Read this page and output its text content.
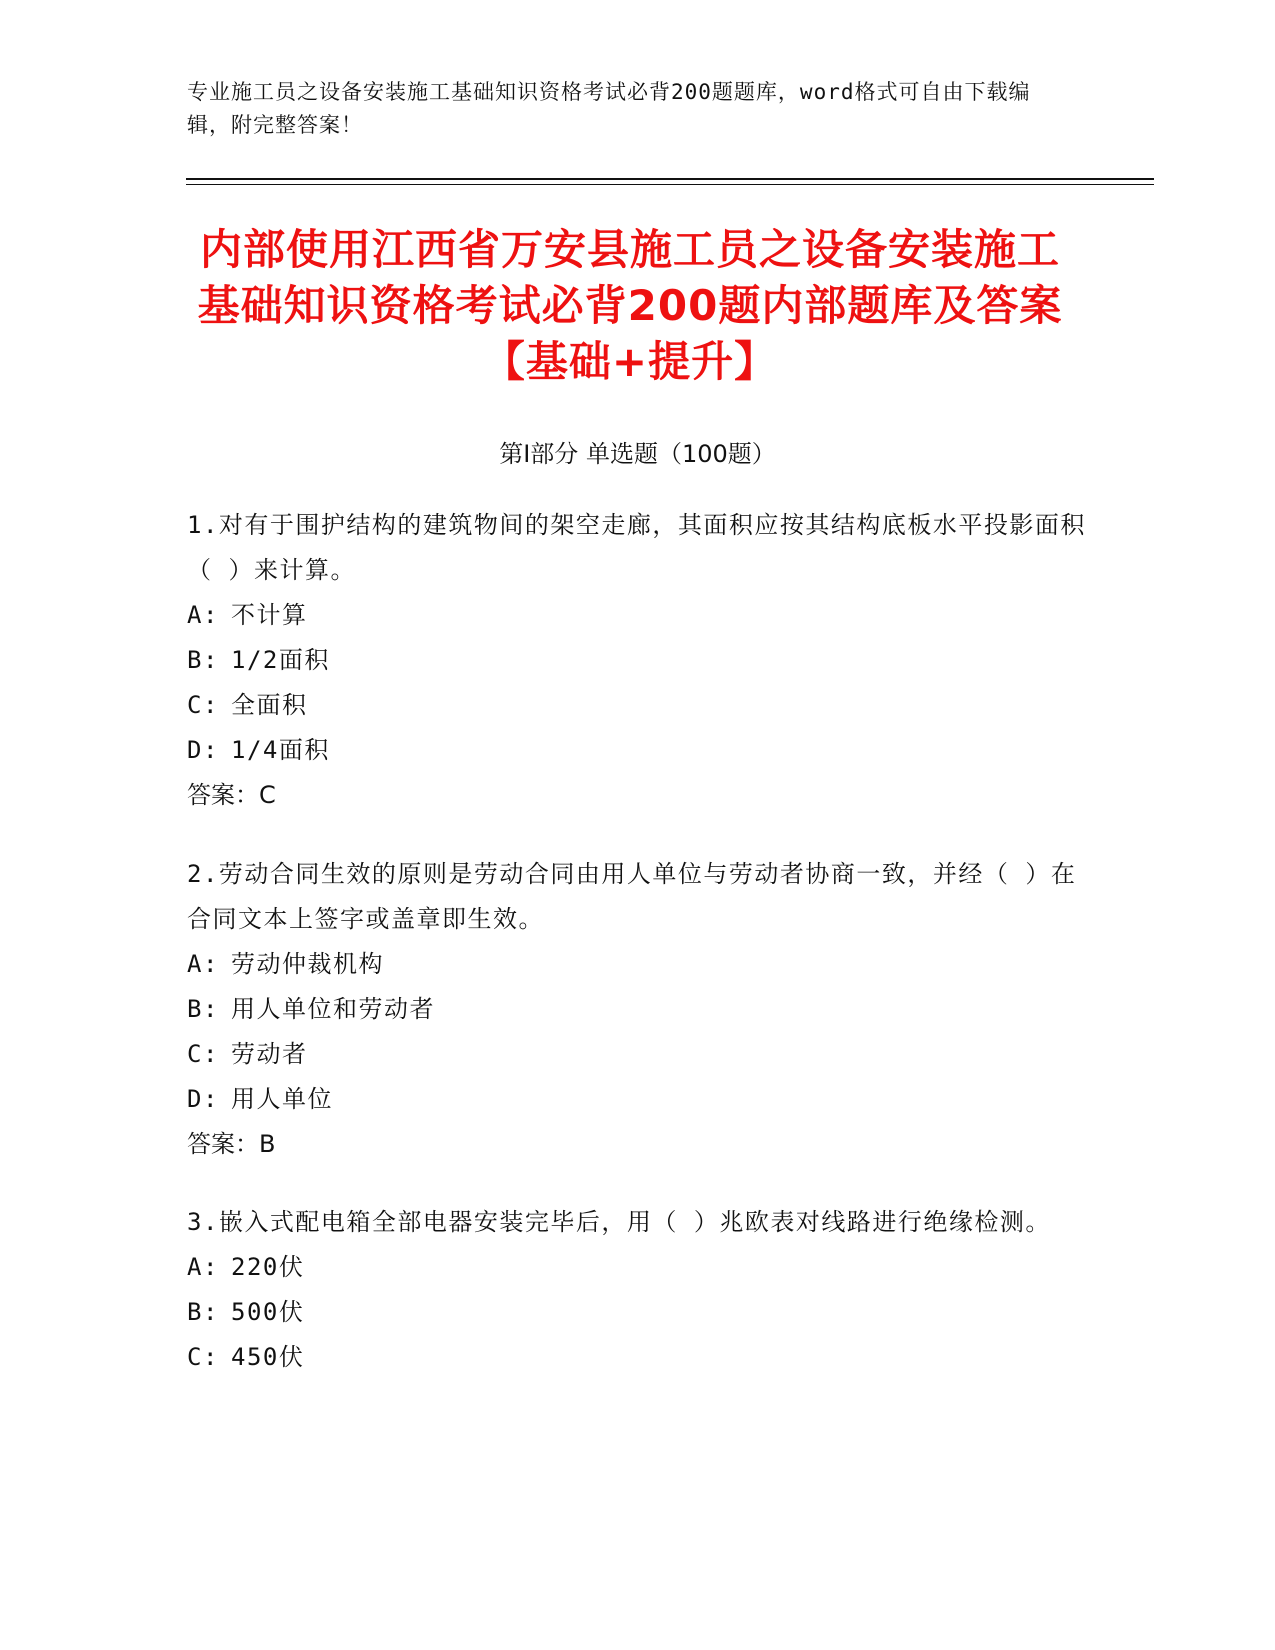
专业施工员之设备安装施工基础知识资格考试必背200题题库，word格式可自由下载编辑，附完整答案！
内部使用江西省万安县施工员之设备安装施工基础知识资格考试必背200题内部题库及答案【基础+提升】
第I部分 单选题（100题）
1.对有于围护结构的建筑物间的架空走廊，其面积应按其结构底板水平投影面积（ ）来计算。
A: 不计算
B: 1/2面积
C: 全面积
D: 1/4面积
答案：C
2.劳动合同生效的原则是劳动合同由用人单位与劳动者协商一致，并经（ ）在合同文本上签字或盖章即生效。
A: 劳动仲裁机构
B: 用人单位和劳动者
C: 劳动者
D: 用人单位
答案：B
3.嵌入式配电箱全部电器安装完毕后，用（ ）兆欧表对线路进行绝缘检测。
A: 220伏
B: 500伏
C: 450伏
